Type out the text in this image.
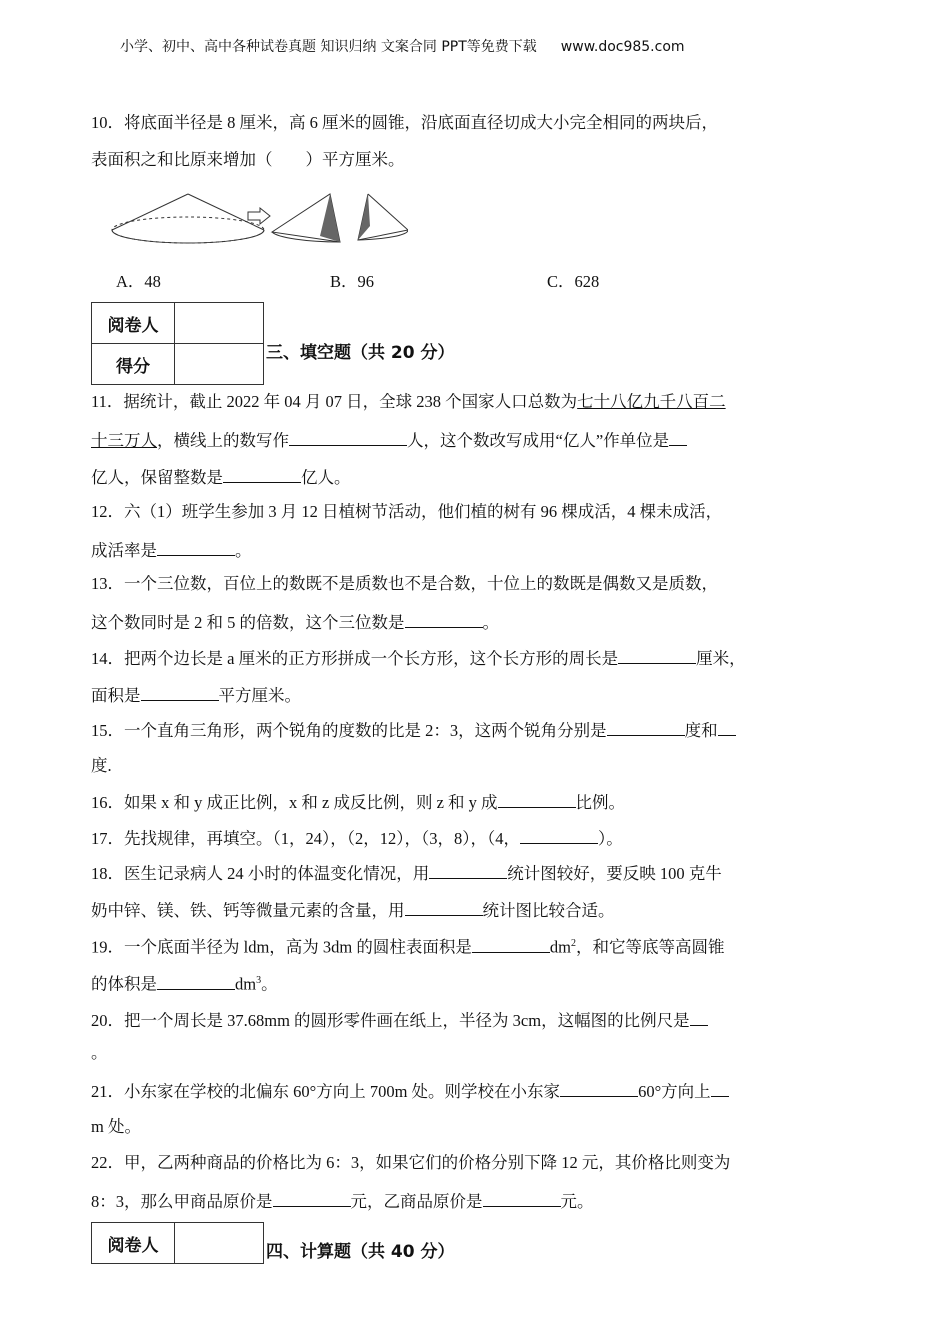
小学、初中、高中各种试卷真题 知识归纳 文案合同 PPT等免费下载 www.doc985.com
10．将底面半径是 8 厘米，高 6 厘米的圆锥，沿底面直径切成大小完全相同的两块后，
表面积之和比原来增加（　　）平方厘米。
A．48	B．96	C．628
阅卷人	
得分	
三、填空题（共 20 分）
11．据统计，截止 2022 年 04 月 07 日，全球 238 个国家人口总数为七十八亿九千八百二
十三万人，横线上的数写作	人，这个数改写成用“亿人”作单位是
亿人，保留整数是	亿人。
12．六（1）班学生参加 3 月 12 日植树节活动，他们植的树有 96 棵成活，4 棵未成活，
成活率是	。
13．一个三位数，百位上的数既不是质数也不是合数，十位上的数既是偶数又是质数，
这个数同时是 2 和 5 的倍数，这个三位数是	。
14．把两个边长是 a 厘米的正方形拼成一个长方形，这个长方形的周长是	厘米，
面积是	平方厘米。
15．一个直角三角形，两个锐角的度数的比是 2：3，这两个锐角分别是	度和
度.
16．如果 x 和 y 成正比例，x 和 z 成反比例，则 z 和 y 成	比例。
17．先找规律，再填空。（1，24），（2，12），（3，8），（4，	）。
18．医生记录病人 24 小时的体温变化情况，用	统计图较好，要反映 100 克牛
奶中锌、镁、铁、钙等微量元素的含量，用	统计图比较合适。
19．一个底面半径为 ldm，高为 3dm 的圆柱表面积是	$dm^2$，和它等底等高圆锥
的体积是	$dm^3$。
20．把一个周长是 37.68mm 的圆形零件画在纸上，半径为 3cm，这幅图的比例尺是
。
21．小东家在学校的北偏东 60°方向上 700m 处。则学校在小东家	60°方向上
m 处。
22．甲，乙两种商品的价格比为 6：3，如果它们的价格分别下降 12 元，其价格比则变为
8：3，那么甲商品原价是	元，乙商品原价是	元。
阅卷人		四、计算题（共 40 分）
